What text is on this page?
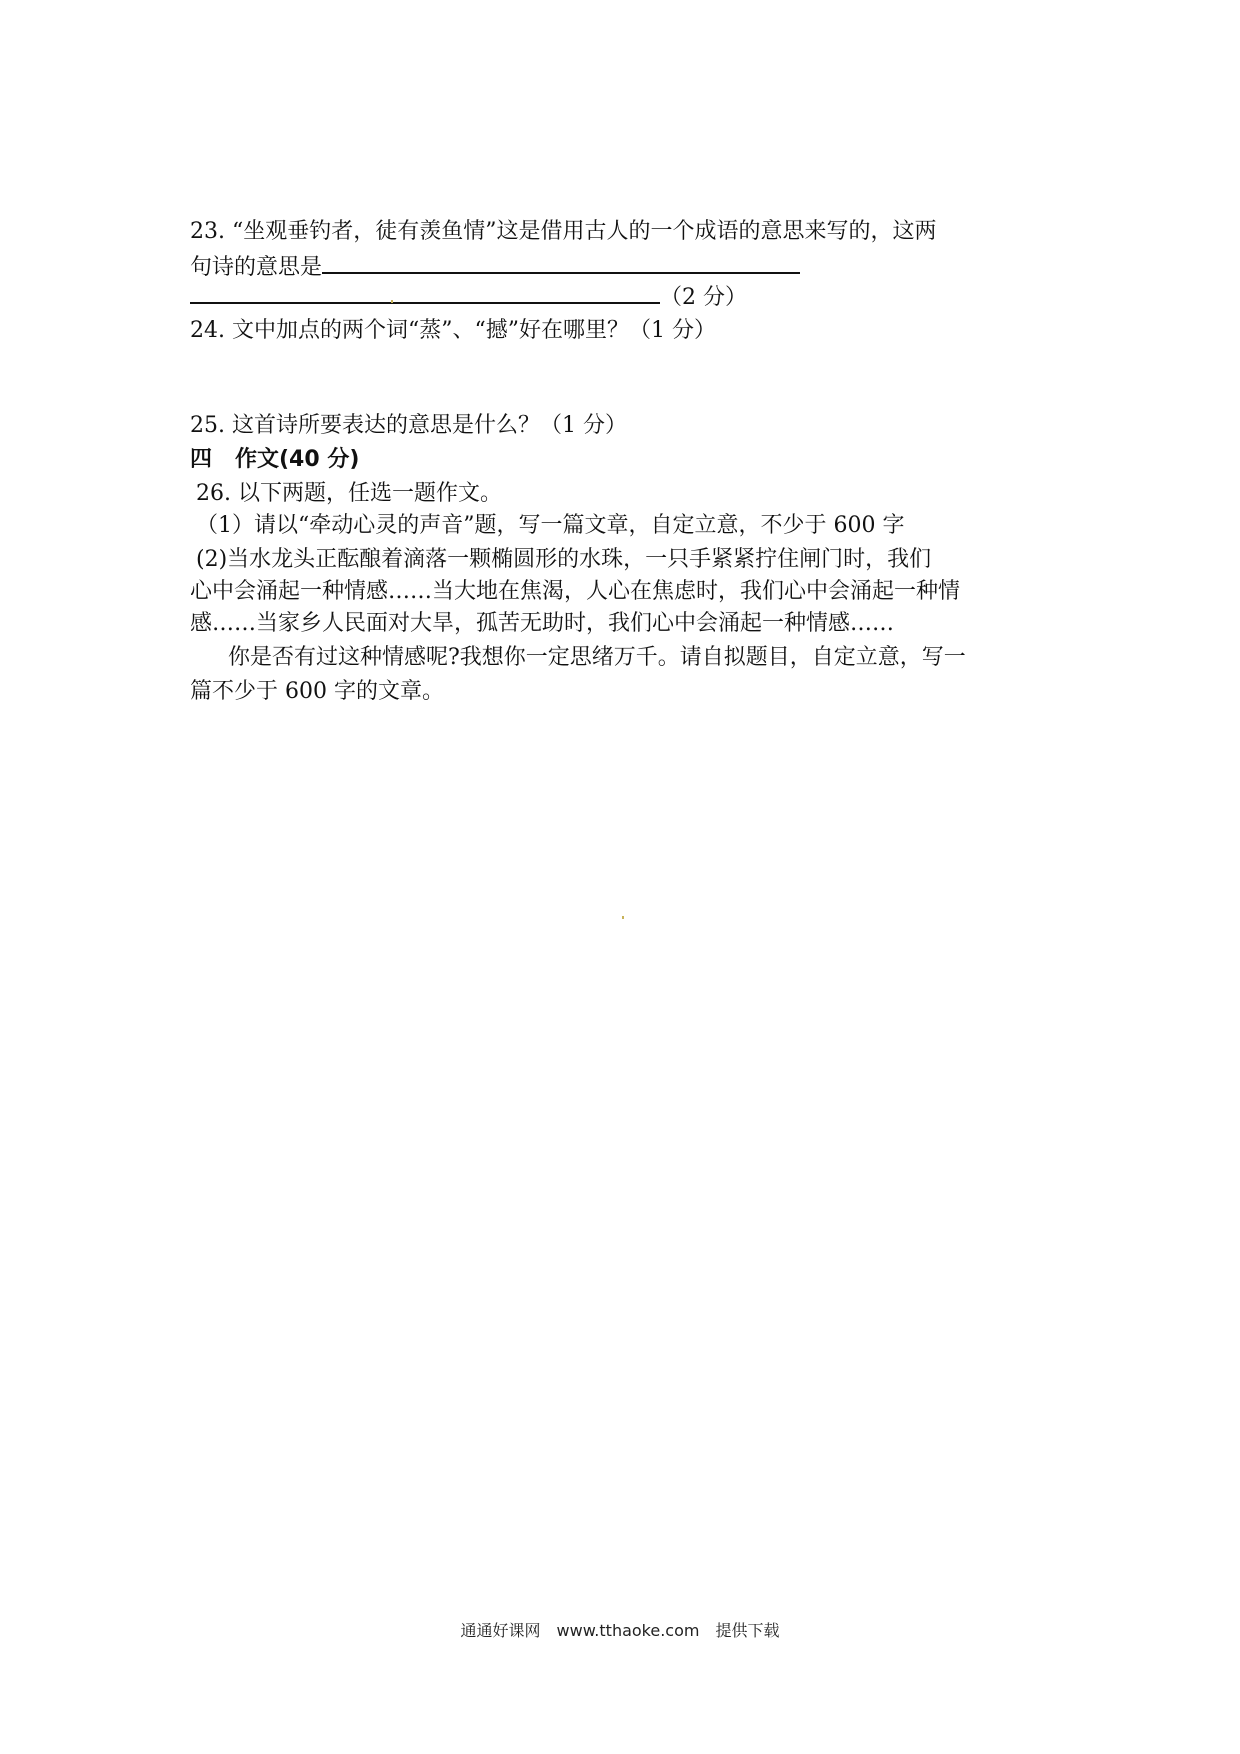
23. “坐观垂钓者，徒有羡鱼情”这是借用古人的一个成语的意思来写的，这两
句诗的意思是
（2 分）
24. 文中加点的两个词“蒸”、“撼”好在哪里？（1 分）
25. 这首诗所要表达的意思是什么？（1 分）
四 作文(40 分)
26. 以下两题，任选一题作文。
（1）请以“牵动心灵的声音”题，写一篇文章，自定立意，不少于 600 字
(2)当水龙头正酝酿着滴落一颗椭圆形的水珠，一只手紧紧拧住闸门时，我们
心中会涌起一种情感……当大地在焦渴，人心在焦虑时，我们心中会涌起一种情
感……当家乡人民面对大旱，孤苦无助时，我们心中会涌起一种情感……
你是否有过这种情感呢?我想你一定思绪万千。请自拟题目，自定立意，写一
篇不少于 600 字的文章。
通通好课网 www.tthaoke.com 提供下载
